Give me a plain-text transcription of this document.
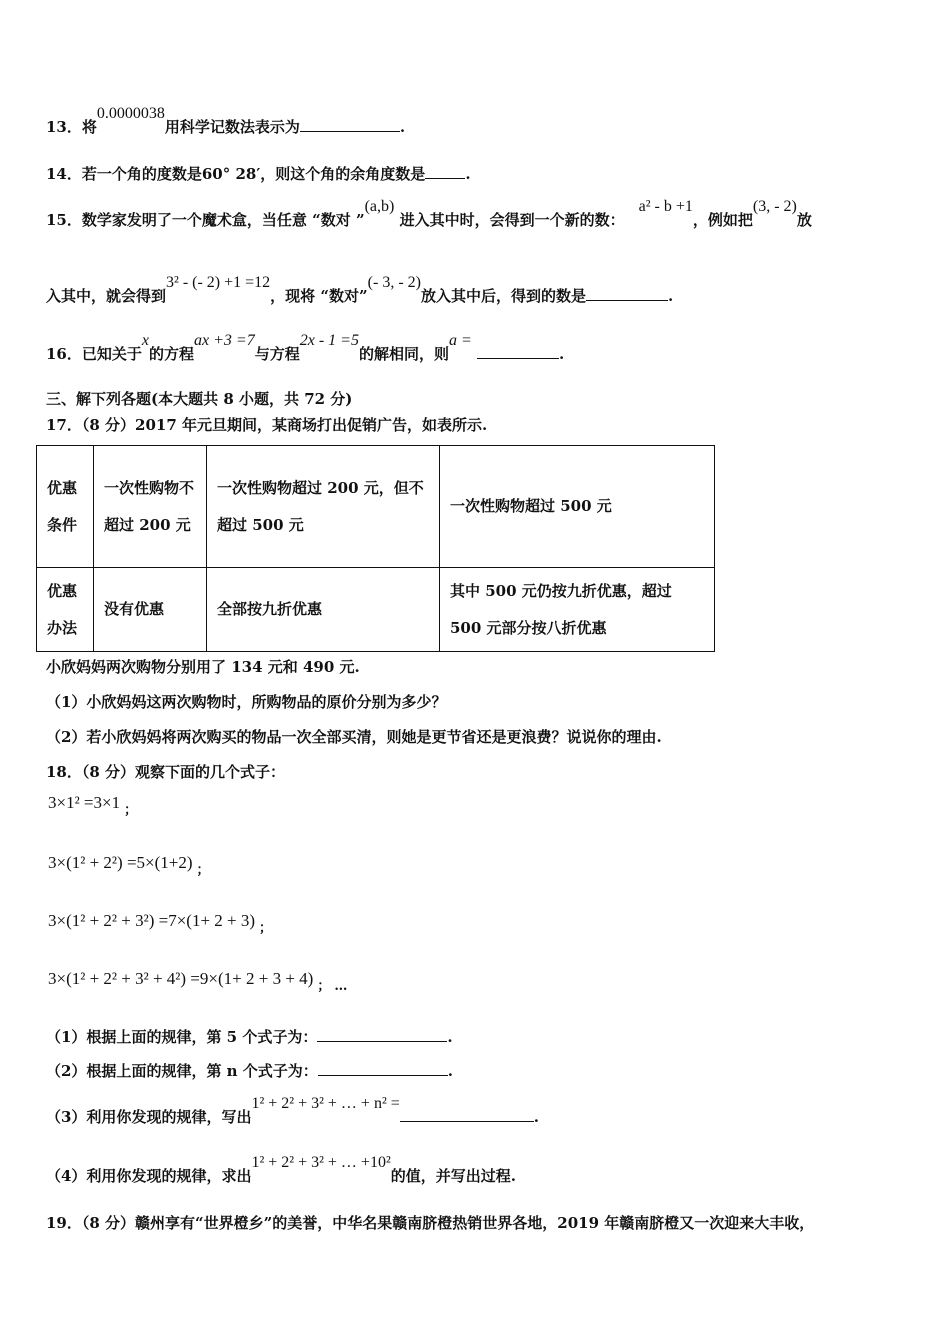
13．将0.0000038用科学记数法表示为	.
14．若一个角的度数是60° 28′，则这个角的余角度数是	.
15．数学家发明了一个魔术盒，当任意 “数对 ”(a,b) 进入其中时，会得到一个新的数：a² - b +1，例如把(3, - 2)放
入其中，就会得到3² - (- 2) +1 =12，现将 “数对”(- 3, - 2)放入其中后，得到的数是	.
16．已知关于x的方程ax +3 =7与方程2x - 1 =5的解相同，则a = .
三、解下列各题(本大题共 8 小题，共 72 分)
17．（8 分）2017 年元旦期间，某商场打出促销广告，如表所示.
优惠条件	一次性购物不超过 200 元	一次性购物超过 200 元，但不超过 500 元	一次性购物超过 500 元
优惠办法	没有优惠	全部按九折优惠	其中 500 元仍按九折优惠，超过 500 元部分按八折优惠
小欣妈妈两次购物分别用了 134 元和 490 元.
（1）小欣妈妈这两次购物时，所购物品的原价分别为多少？
（2）若小欣妈妈将两次购买的物品一次全部买清，则她是更节省还是更浪费？说说你的理由.
18．（8 分）观察下面的几个式子：
3×1² =3×1 $_;$
3×(1² + 2²) =5×(1+2) $_;$
3×(1² + 2² + 3²) =7×(1+ 2 + 3) $_;$
3×(1² + 2² + 3² + 4²) =9×(1+ 2 + 3 + 4) $_;$ $_\dots$
（1）根据上面的规律，第 5 个式子为：	.
（2）根据上面的规律，第 n 个式子为：	.
（3）利用你发现的规律，写出1² + 2² + 3² + … + n² =.
（4）利用你发现的规律，求出1² + 2² + 3² + … +10²的值，并写出过程.
19．（8 分）赣州享有“世界橙乡”的美誉，中华名果赣南脐橙热销世界各地，2019 年赣南脐橙又一次迎来大丰收，
